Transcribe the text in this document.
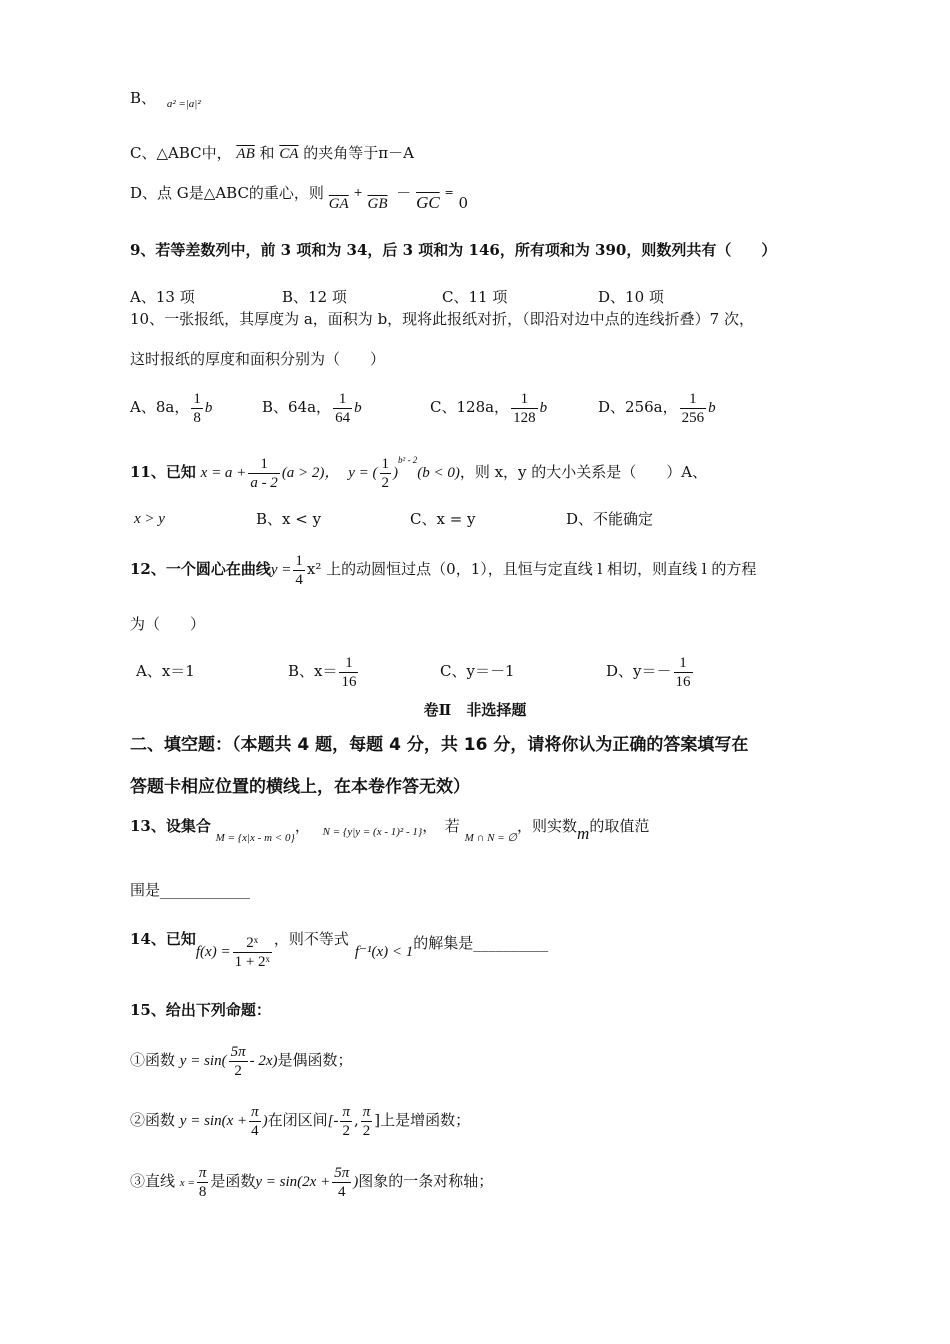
B、 $_{a^2 =|a|^2}$
C、△ABC中， $\overline{AB}$ 和 $\overline{CA}$ 的夹角等于π－A
D、点 G是△ABC的重心，则 $\overline{GA} + \overline{GB} - \overline{GC} = 0$
9、若等差数列中，前 3 项和为 34，后 3 项和为 146，所有项和为 390，则数列共有（　　）
A、13 项	B、12 项	C、11 项	D、10 项
10、一张报纸，其厚度为 a，面积为 b，现将此报纸对折，（即沿对边中点的连线折叠）7 次，
这时报纸的厚度和面积分别为（　　）
A、8a， $\frac{1}{8}$ b	B、64a， $\frac{1}{64}$ b	C、128a， $\frac{1}{128}$ b	D、256a， $\frac{1}{256}$ b
11、已知 $x = a + \frac{1}{a - 2} (a > 2)$， y = ( $\frac{1}{2} )^{b^2 - 2}(b < 0)$，则 x，y 的大小关系是（　　）A、
x > y	B、x < y	C、x = y	D、不能确定
12、一个圆心在曲线$y = \frac{1}{4} x^2$ 上的动圆恒过点（0，1），且恒与定直线 l 相切，则直线 l 的方程
为（　　）
A、x＝1	B、$x= \frac{1}{16}$	C、y＝－1	D、$y=- \frac{1}{16}$
卷Ⅱ　非选择题
二、填空题：（本题共 4 题，每题 4 分，共 16 分，请将你认为正确的答案填写在
答题卡相应位置的横线上，在本卷作答无效）
13、设集合 $_{M = \{x|x - m < 0\}}$， $_{N = \{y|y = (x - 1)^2 - 1\}}$，　若 $_{M \cap N = \emptyset}$，则实数m的取值范
围是____________
14、已知$f(x) = \frac{\text{2ˣ}}{\text{1 + 2ˣ}}$ ，则不等式f⁻¹(x) < 1的解集是__________
15、给出下列命题：
①函数 $y = \sin( \frac{5\pi}{2} - 2x)$是偶函数；
②函数 $y = \sin(x + \frac{\pi}{4}$ )在闭区间[- $\frac{\pi}{2}$ , $\frac{\pi}{2}$ ]上是增函数；
③直线 $x = \frac{\pi}{8}$ 是函数$y = \sin(2x + \frac{5\pi}{4}$ )图象的一条对称轴；
